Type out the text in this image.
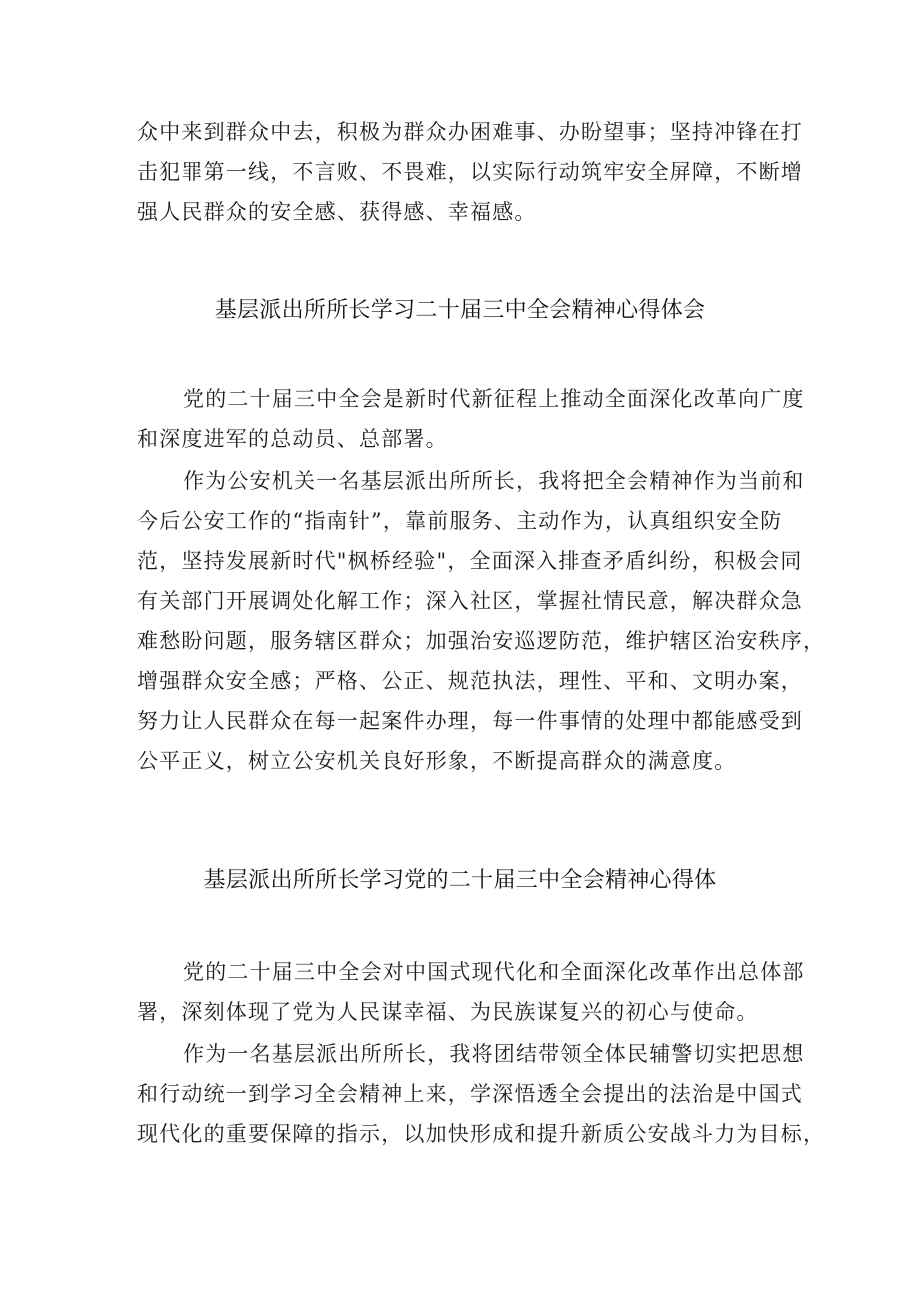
众中来到群众中去，积极为群众办困难事、办盼望事；坚持冲锋在打
击犯罪第一线，不言败、不畏难，以实际行动筑牢安全屏障，不断增
强人民群众的安全感、获得感、幸福感。
基层派出所所长学习二十届三中全会精神心得体会
党的二十届三中全会是新时代新征程上推动全面深化改革向广度
和深度进军的总动员、总部署。
作为公安机关一名基层派出所所长，我将把全会精神作为当前和
今后公安工作的“指南针”，靠前服务、主动作为，认真组织安全防
范，坚持发展新时代"枫桥经验"，全面深入排查矛盾纠纷，积极会同
有关部门开展调处化解工作；深入社区，掌握社情民意，解决群众急
难愁盼问题，服务辖区群众；加强治安巡逻防范，维护辖区治安秩序，
增强群众安全感；严格、公正、规范执法，理性、平和、文明办案，
努力让人民群众在每一起案件办理，每一件事情的处理中都能感受到
公平正义，树立公安机关良好形象，不断提高群众的满意度。
基层派出所所长学习党的二十届三中全会精神心得体
党的二十届三中全会对中国式现代化和全面深化改革作出总体部
署，深刻体现了党为人民谋幸福、为民族谋复兴的初心与使命。
作为一名基层派出所所长，我将团结带领全体民辅警切实把思想
和行动统一到学习全会精神上来，学深悟透全会提出的法治是中国式
现代化的重要保障的指示，以加快形成和提升新质公安战斗力为目标，
